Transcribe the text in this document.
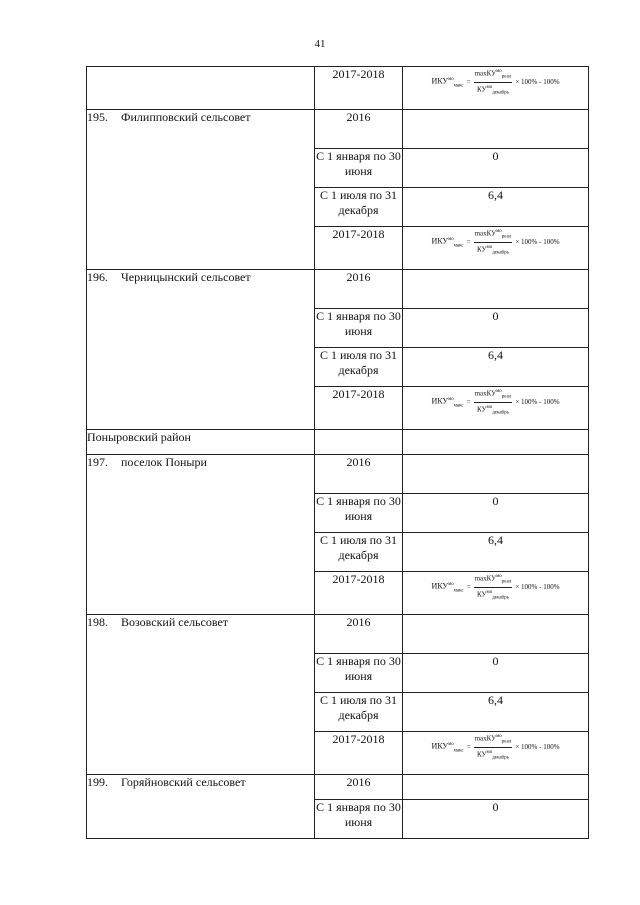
41
	2017-2018	$ИКУ^{мо}_{макс} = \frac{\max КУ^{мо}_{реал}}{КУ^{мо}_{декабрь}} \times 100\% - 100\%$

195. Филипповский сельсовет	2016	
	С 1 января по 30 июня	0
	С 1 июля по 31 декабря	6,4
	2017-2018	$ИКУ^{мо}_{макс} = \frac{\max КУ^{мо}_{реал}}{КУ^{мо}_{декабрь}} \times 100\% - 100\%$

196. Черницынский сельсовет	2016	
	С 1 января по 30 июня	0
	С 1 июля по 31 декабря	6,4
	2017-2018	$ИКУ^{мо}_{макс} = \frac{\max КУ^{мо}_{реал}}{КУ^{мо}_{декабрь}} \times 100\% - 100\%$

Поныровский район		
197. поселок Поныри	2016	
	С 1 января по 30 июня	0
	С 1 июля по 31 декабря	6,4
	2017-2018	$ИКУ^{мо}_{макс} = \frac{\max КУ^{мо}_{реал}}{КУ^{мо}_{декабрь}} \times 100\% - 100\%$

198. Возовский сельсовет	2016	
	С 1 января по 30 июня	0
	С 1 июля по 31 декабря	6,4
	2017-2018	$ИКУ^{мо}_{макс} = \frac{\max КУ^{мо}_{реал}}{КУ^{мо}_{декабрь}} \times 100\% - 100\%$

199. Горяйновский сельсовет	2016	
	С 1 января по 30 июня	0
